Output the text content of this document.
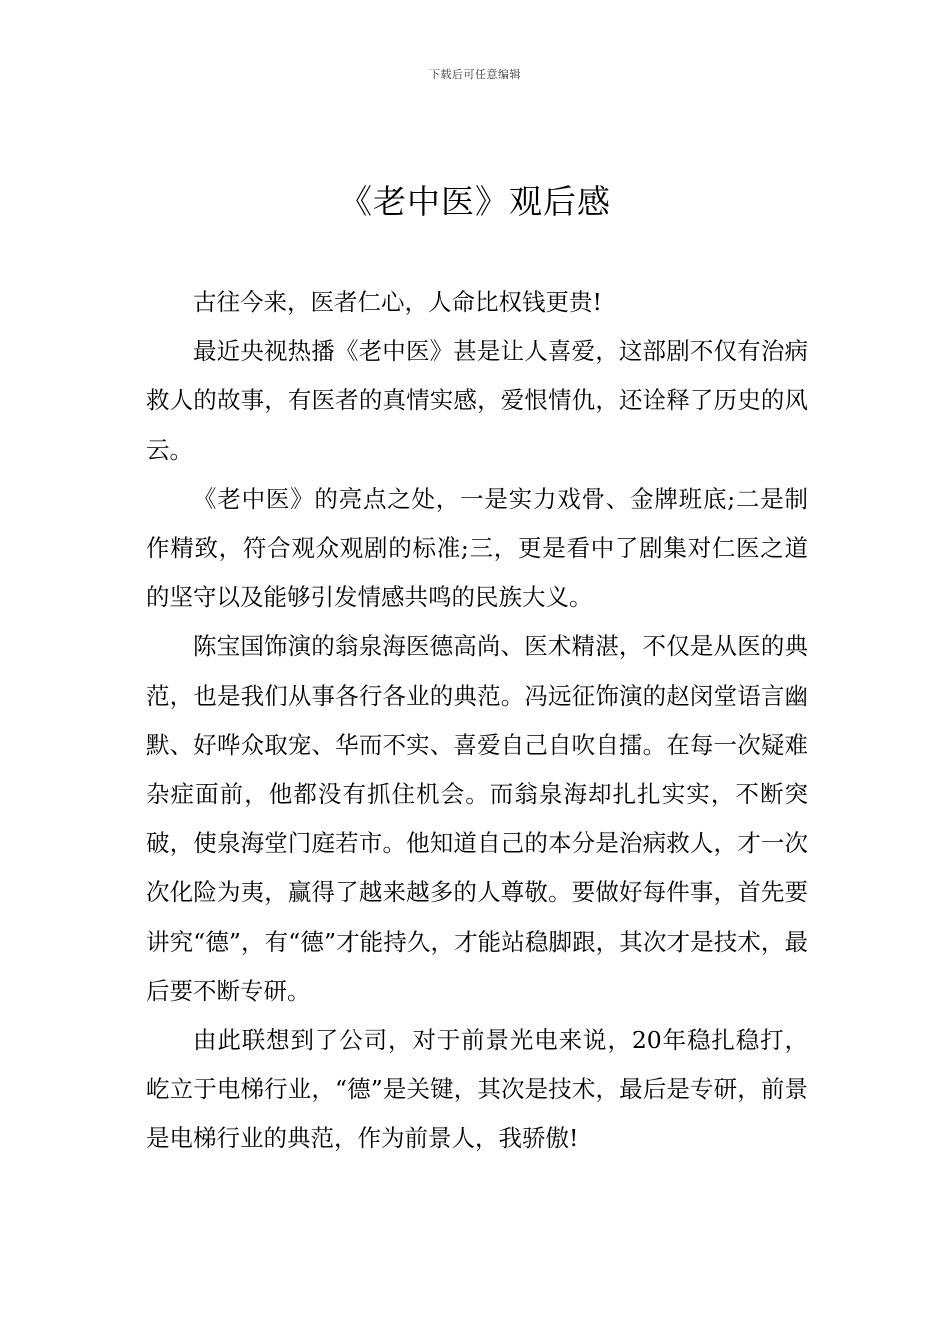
下载后可任意编辑
《老中医》观后感

古往今来，医者仁心，人命比权钱更贵!

最近央视热播《老中医》甚是让人喜爱，这部剧不仅有治病救人的故事，有医者的真情实感，爱恨情仇，还诠释了历史的风云。

《老中医》的亮点之处，一是实力戏骨、金牌班底;二是制作精致，符合观众观剧的标准;三，更是看中了剧集对仁医之道的坚守以及能够引发情感共鸣的民族大义。

陈宝国饰演的翁泉海医德高尚、医术精湛，不仅是从医的典范，也是我们从事各行各业的典范。冯远征饰演的赵闵堂语言幽默、好哗众取宠、华而不实、喜爱自己自吹自擂。在每一次疑难杂症面前，他都没有抓住机会。而翁泉海却扎扎实实，不断突破，使泉海堂门庭若市。他知道自己的本分是治病救人，才一次次化险为夷，赢得了越来越多的人尊敬。要做好每件事，首先要讲究“德”，有“德”才能持久，才能站稳脚跟，其次才是技术，最后要不断专研。

由此联想到了公司，对于前景光电来说，20年稳扎稳打，屹立于电梯行业，“德”是关键，其次是技术，最后是专研，前景是电梯行业的典范，作为前景人，我骄傲!
